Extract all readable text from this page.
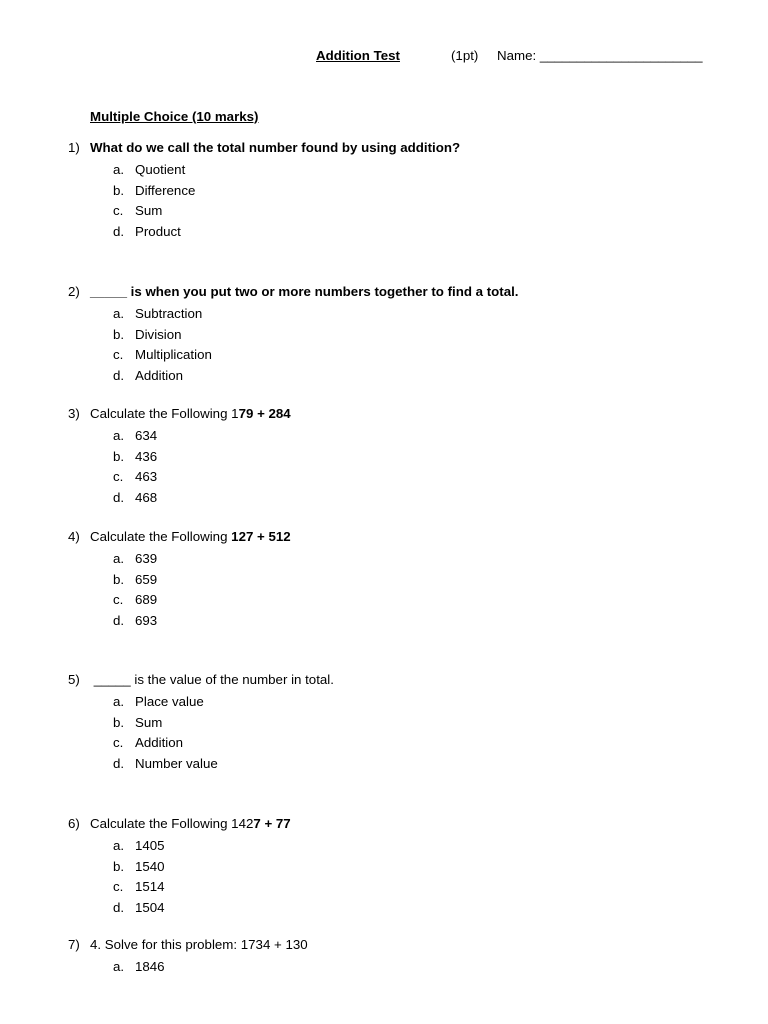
Addition Test	(1pt) Name: ______________________
Multiple Choice (10 marks)
1) What do we call the total number found by using addition?
a. Quotient
b. Difference
c. Sum
d. Product
2) _____ is when you put two or more numbers together to find a total.
a. Subtraction
b. Division
c. Multiplication
d. Addition
3) Calculate the Following 179 + 284
a. 634
b. 436
c. 463
d. 468
4) Calculate the Following 127 + 512
a. 639
b. 659
c. 689
d. 693
5) _____ is the value of the number in total.
a. Place value
b. Sum
c. Addition
d. Number value
6) Calculate the Following 1427 + 77
a. 1405
b. 1540
c. 1514
d. 1504
7) 4. Solve for this problem: 1734 + 130
a. 1846
